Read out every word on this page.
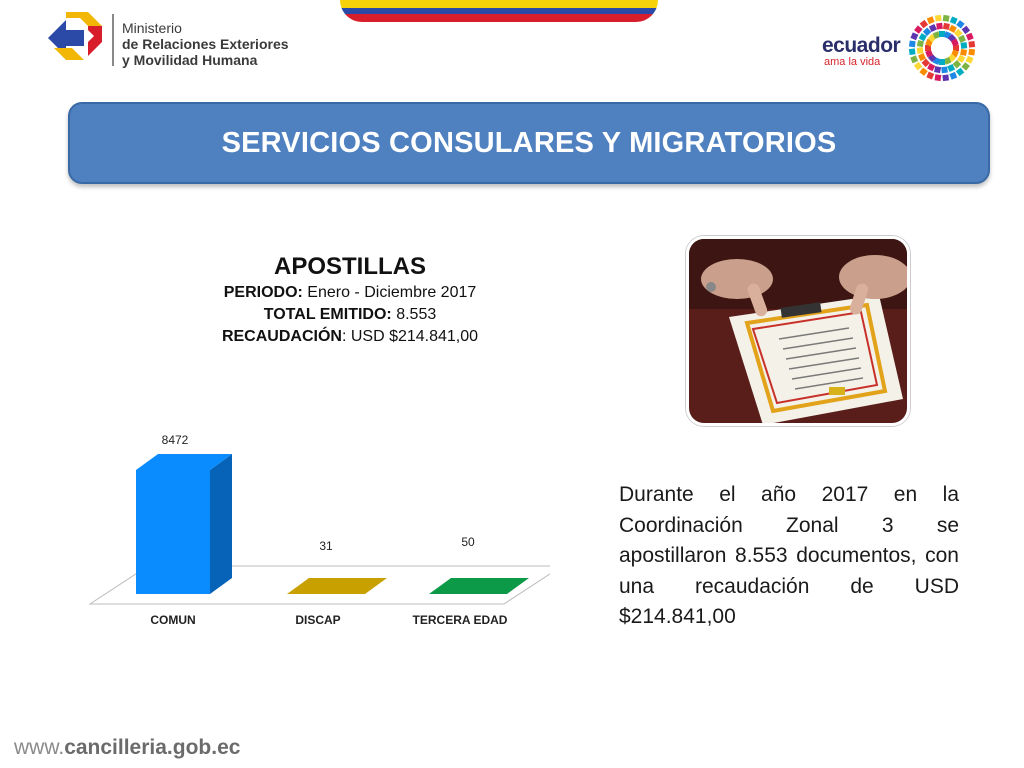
Ministerio
de Relaciones Exteriores
y Movilidad Humana
ecuador
ama la vida
SERVICIOS CONSULARES Y MIGRATORIOS
APOSTILLAS
PERIODO: Enero - Diciembre 2017
TOTAL EMITIDO: 8.553
RECAUDACIÓN: USD $214.841,00
8472
COMUN
31
DISCAP
50
TERCERA EDAD
Durante el año 2017 en la Coordinación Zonal 3 se apostillaron 8.553 documentos, con una recaudación de USD $214.841,00
www.cancilleria.gob.ec
